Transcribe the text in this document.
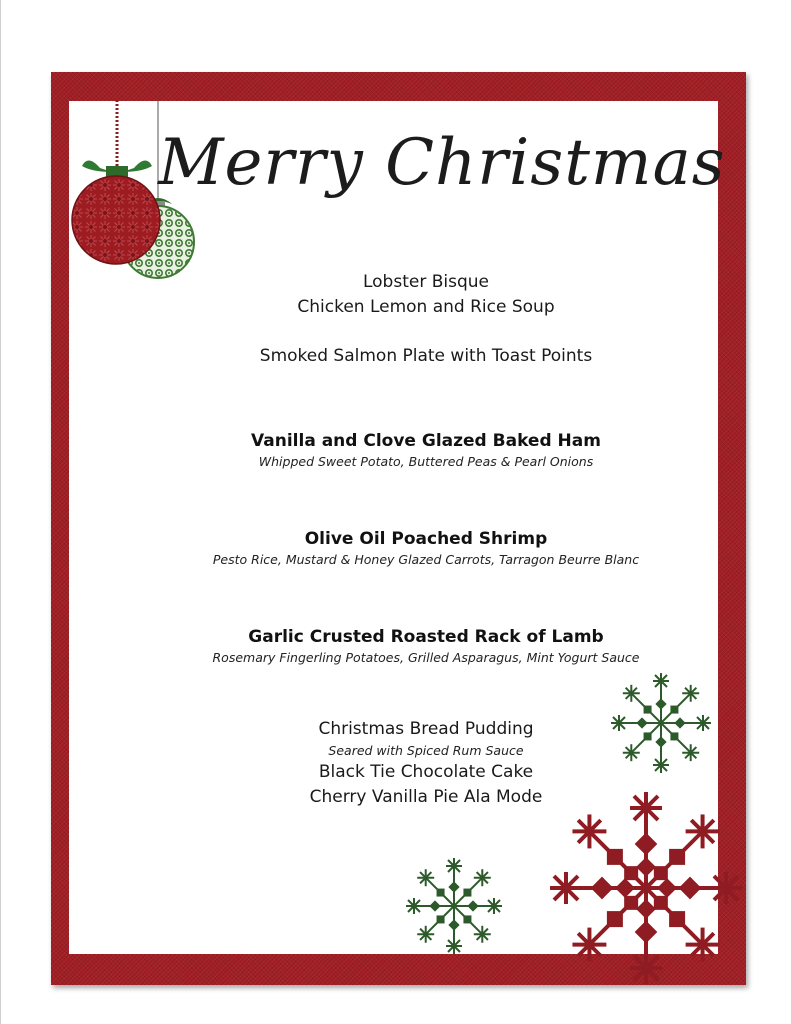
Merry Christmas

Lobster Bisque

Chicken Lemon and Rice Soup

Smoked Salmon Plate with Toast Points

Vanilla and Clove Glazed Baked Ham

Whipped Sweet Potato, Buttered Peas & Pearl Onions

Olive Oil Poached Shrimp

Pesto Rice, Mustard & Honey Glazed Carrots, Tarragon Beurre Blanc

Garlic Crusted Roasted Rack of Lamb

Rosemary Fingerling Potatoes, Grilled Asparagus, Mint Yogurt Sauce

Christmas Bread Pudding

Seared with Spiced Rum Sauce

Black Tie Chocolate Cake

Cherry Vanilla Pie Ala Mode
